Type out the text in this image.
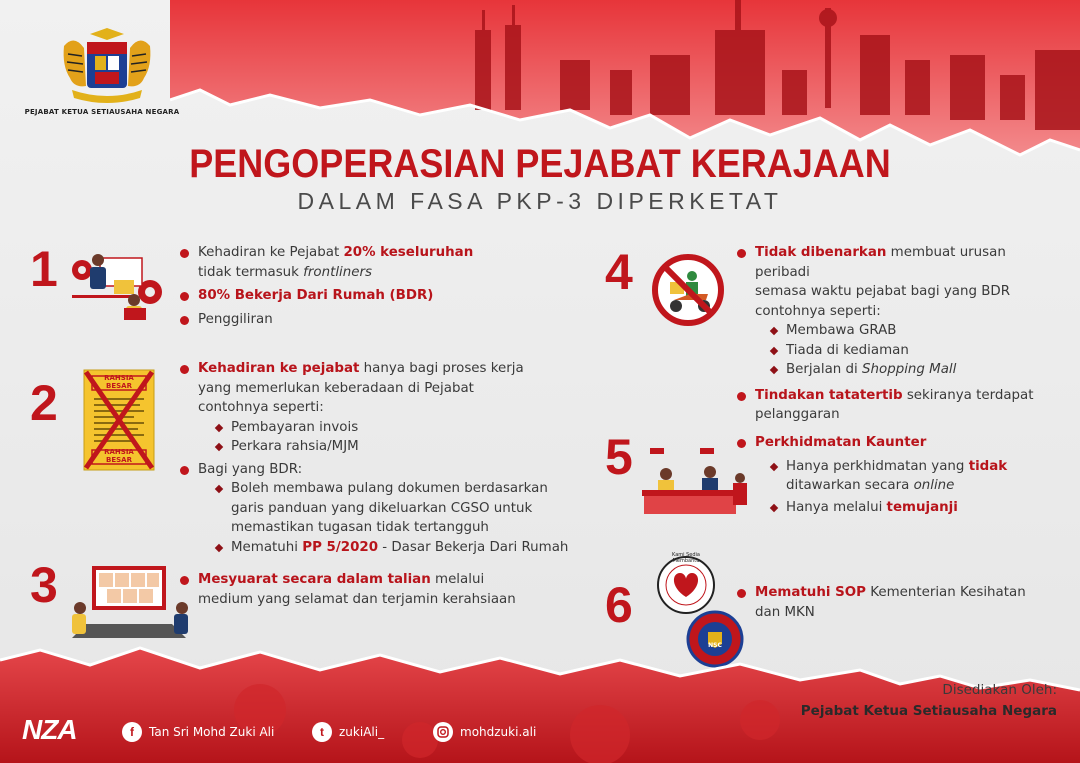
PEJABAT KETUA SETIAUSAHA NEGARA
PENGOPERASIAN PEJABAT KERAJAAN
DALAM FASA PKP-3 DIPERKETAT
1	Kehadiran ke Pejabat 20% keseluruhan
tidak termasuk frontliners
80% Bekerja Dari Rumah (BDR)
Penggiliran
2	RAHSIA BESAR
RAHSIA BESAR
Kehadiran ke pejabat hanya bagi proses kerja
yang memerlukan keberadaan di Pejabat
contohnya seperti:
Pembayaran invois
Perkara rahsia/MJM
Bagi yang BDR:
Boleh membawa pulang dokumen berdasarkan
garis panduan yang dikeluarkan CGSO untuk
memastikan tugasan tidak tertangguh
Mematuhi PP 5/2020 - Dasar Bekerja Dari Rumah
3	Mesyuarat secara dalam talian melalui
medium yang selamat dan terjamin kerahsiaan
4	Tidak dibenarkan membuat urusan peribadi
semasa waktu pejabat bagi yang BDR
contohnya seperti:
Membawa GRAB
Tiada di kediaman
Berjalan di Shopping Mall
Tindakan tatatertib sekiranya terdapat
pelanggaran
5	Perkhidmatan Kaunter
Hanya perkhidmatan yang tidak
ditawarkan secara online
Hanya melalui temujanji
6
Kami Sedia Membantu
NSC
Mematuhi SOP Kementerian Kesihatan
dan MKN
Disediakan Oleh:
Pejabat Ketua Setiausaha Negara
NZA	f	Tan Sri Mohd Zuki Ali	t	zukiAli_	mohdzuki.ali
